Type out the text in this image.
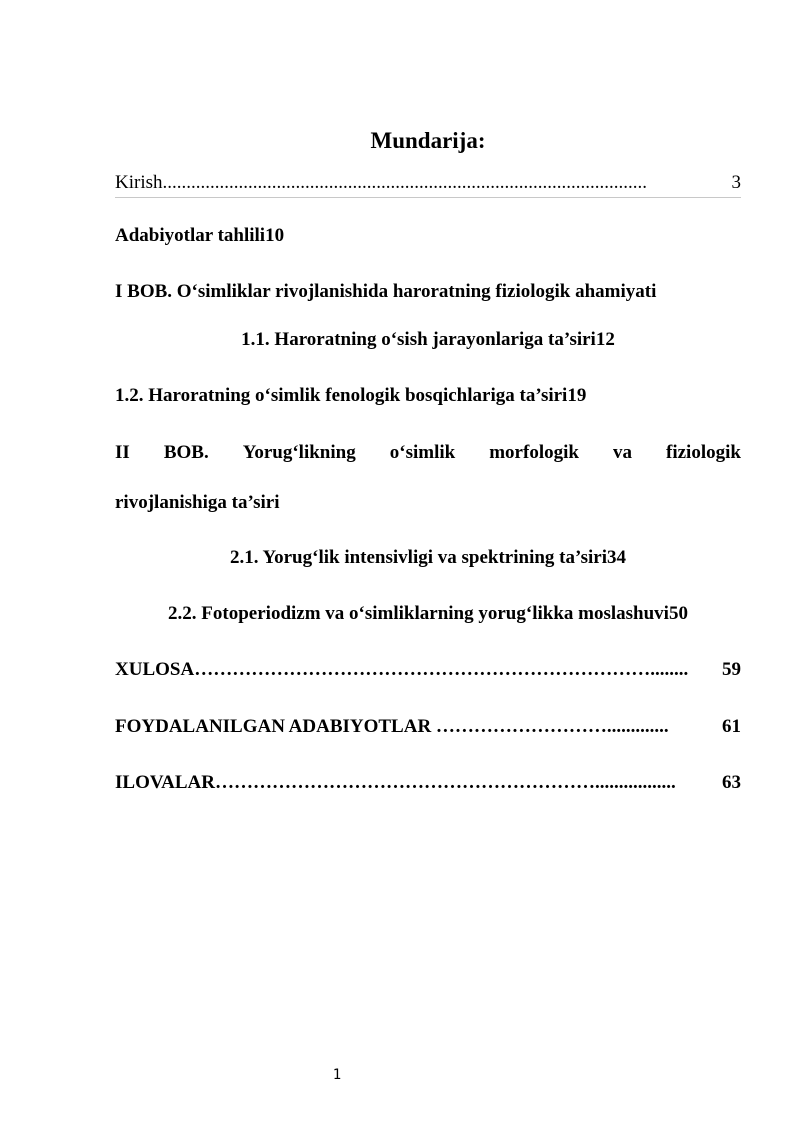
Mundarija:
Kirish ......................................................................................................	3
Adabiyotlar tahlili10
I BOB. O‘simliklar rivojlanishida haroratning fiziologik ahamiyati
1.1. Haroratning o‘sish jarayonlariga ta’siri12
1.2. Haroratning o‘simlik fenologik bosqichlariga ta’siri19
II BOB. Yorug‘likning o‘simlik morfologik va fiziologik
rivojlanishiga ta’siri
2.1. Yorug‘lik intensivligi va spektrining ta’siri34
2.2. Fotoperiodizm va o‘simliklarning yorug‘likka moslashuvi50
XULOSA ………………………………………………………………........	59
FOYDALANILGAN ADABIYOTLAR ……………………….............	61
ILOVALAR …………………………………………………….................	63
1
